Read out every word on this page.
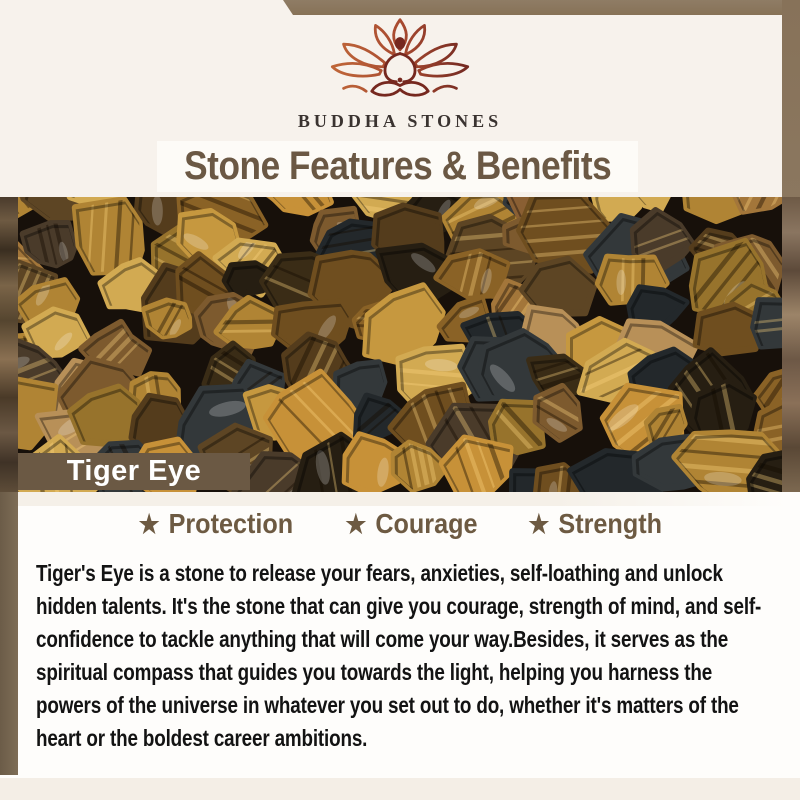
BUDDHA STONES
Stone Features & Benefits
Tiger Eye
★ Protection ★ Courage ★ Strength
Tiger's Eye is a stone to release your fears, anxieties, self-loathing and unlock hidden talents. It's the stone that can give you courage, strength of mind, and self-confidence to tackle anything that will come your way.Besides, it serves as the spiritual compass that guides you towards the light, helping you harness the powers of the universe in whatever you set out to do, whether it's matters of the heart or the boldest career ambitions.
